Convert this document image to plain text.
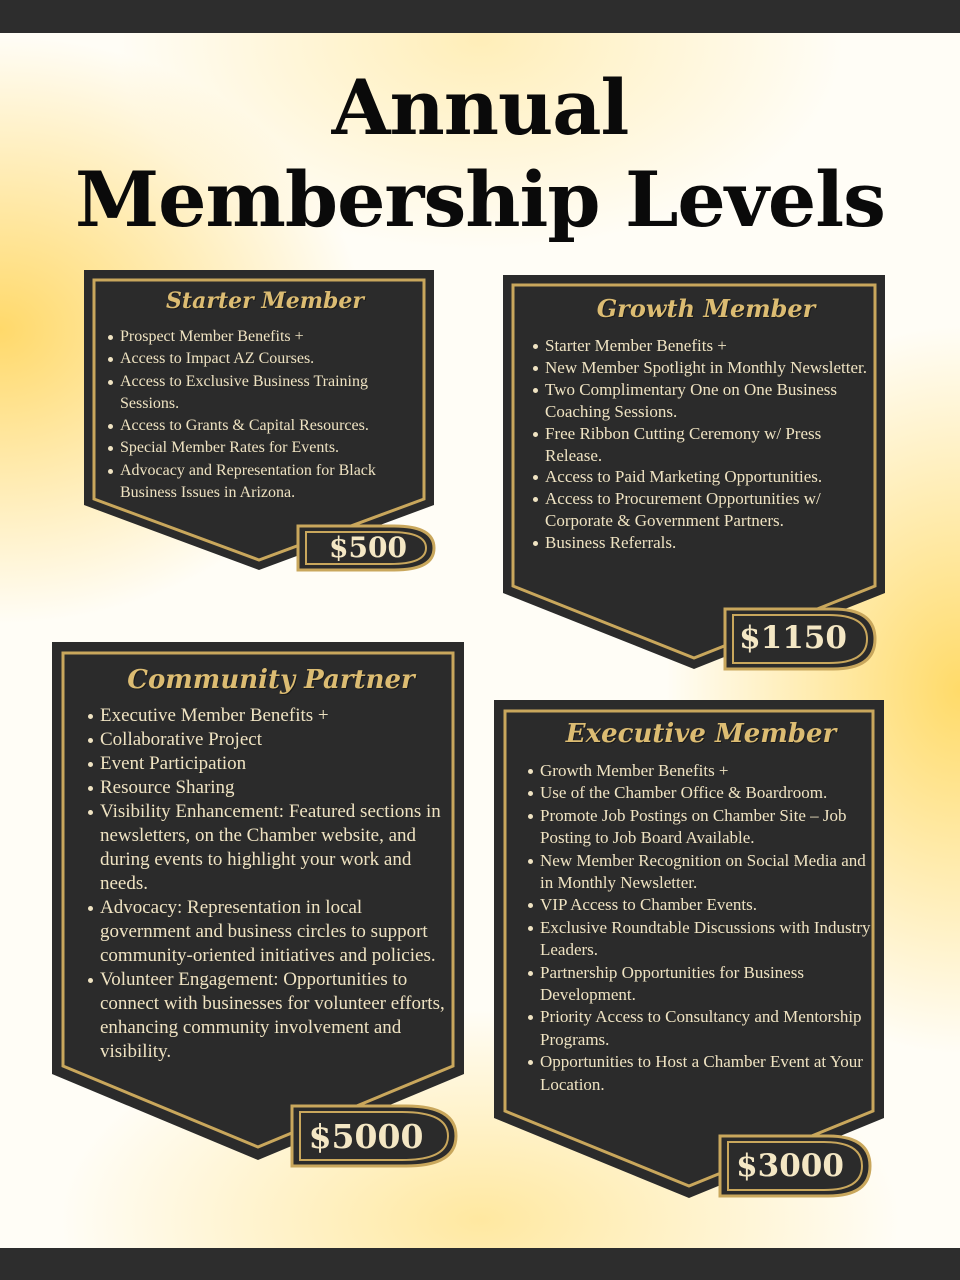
Annual
Membership Levels
Starter Member
Prospect Member Benefits +
Access to Impact AZ Courses.
Access to Exclusive Business Training Sessions.
Access to Grants & Capital Resources.
Special Member Rates for Events.
Advocacy and Representation for Black Business Issues in Arizona.
$500
Growth Member
Starter Member Benefits +
New Member Spotlight in Monthly Newsletter.
Two Complimentary One on One Business Coaching Sessions.
Free Ribbon Cutting Ceremony w/ Press Release.
Access to Paid Marketing Opportunities.
Access to Procurement Opportunities w/ Corporate & Government Partners.
Business Referrals.
$1150
Community Partner
Executive Member Benefits +
Collaborative Project
Event Participation
Resource Sharing
Visibility Enhancement: Featured sections in newsletters, on the Chamber website, and during events to highlight your work and needs.
Advocacy: Representation in local government and business circles to support community-oriented initiatives and policies.
Volunteer Engagement: Opportunities to connect with businesses for volunteer efforts, enhancing community involvement and visibility.
$5000
Executive Member
Growth Member Benefits +
Use of the Chamber Office & Boardroom.
Promote Job Postings on Chamber Site – Job Posting to Job Board Available.
New Member Recognition on Social Media and in Monthly Newsletter.
VIP Access to Chamber Events.
Exclusive Roundtable Discussions with Industry Leaders.
Partnership Opportunities for Business Development.
Priority Access to Consultancy and Mentorship Programs.
Opportunities to Host a Chamber Event at Your Location.
$3000
